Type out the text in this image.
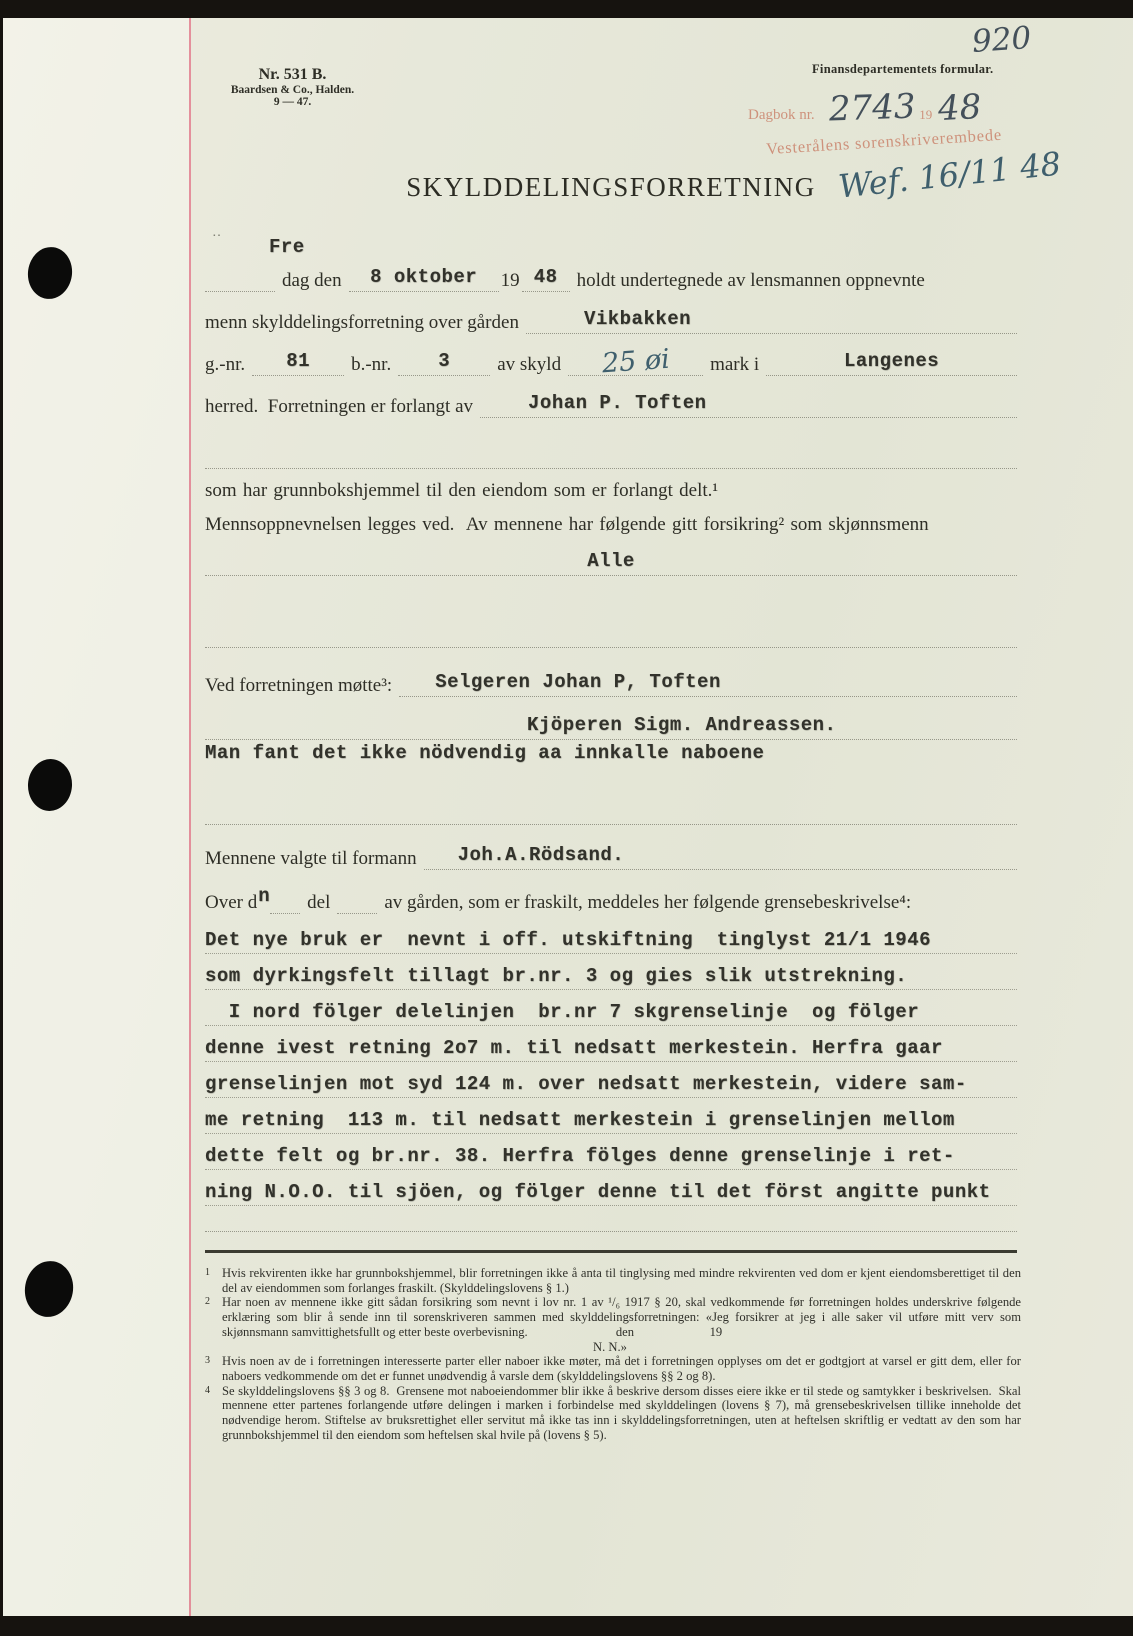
Nr. 531 B.
Baardsen & Co., Halden.
9 — 47.
Finansdepartementets formular.
920
Dagbok nr. 2743 19 48
Vesterålens sorenskriverembede
Wef. 16/11 48
SKYLDDELINGSFORRETNING
‥
Fre
dag den	8 oktober 19 48	holdt undertegnede av lensmannen oppnevnte
menn skylddelingsforretning over gården	Vikbakken
g.-nr.	81	b.-nr.	3	av skyld 25 øi	mark i	Langenes
herred.  Forretningen er forlangt av	Johan P. Toften
som har grunnbokshjemmel til den eiendom som er forlangt delt.¹
Mennsoppnevnelsen legges ved.  Av mennene har følgende gitt forsikring² som skjønnsmenn
Alle
Ved forretningen møtte³:	Selgeren Johan P, Toften
Kjöperen Sigm. Andreassen.
Man fant det ikke nödvendig aa innkalle naboene
Mennene valgte til formann	Joh.A.Rödsand.
Over d n	del	av gården, som er fraskilt, meddeles her følgende grensebeskrivelse⁴:
Det nye bruk er  nevnt i off. utskiftning  tinglyst 21/1 1946
som dyrkingsfelt tillagt br.nr. 3 og gies slik utstrekning.
I nord fölger delelinjen  br.nr 7 skgrenselinje  og fölger
denne ivest retning 2o7 m. til nedsatt merkestein. Herfra gaar
grenselinjen mot syd 124 m. over nedsatt merkestein, videre sam-
me retning  113 m. til nedsatt merkestein i grenselinjen mellom
dette felt og br.nr. 38. Herfra fölges denne grenselinje i ret-
ning N.O.O. til sjöen, og fölger denne til det först angitte punkt
1 Hvis rekvirenten ikke har grunnbokshjemmel, blir forretningen ikke å anta til tinglysing med mindre rekvirenten ved dom er kjent eiendomsberettiget til den del av eiendommen som forlanges fraskilt. (Skylddelingslovens § 1.)
2 Har noen av mennene ikke gitt sådan forsikring som nevnt i lov nr. 1 av ¹/₆ 1917 § 20, skal vedkommende før forretningen holdes underskrive følgende erklæring som blir å sende inn til sorenskriveren sammen med skylddelingsforretningen: «Jeg forsikrer at jeg i alle saker vil utføre mitt verv som skjønnsmann samvittighetsfullt og etter beste overbevisning.                            den                        19
N. N.»
3 Hvis noen av de i forretningen interesserte parter eller naboer ikke møter, må det i forretningen opplyses om det er godtgjort at varsel er gitt dem, eller for naboers vedkommende om det er funnet unødvendig å varsle dem (skylddelingslovens §§ 2 og 8).
4 Se skylddelingslovens §§ 3 og 8.  Grensene mot naboeiendommer blir ikke å beskrive dersom disses eiere ikke er til stede og samtykker i beskrivelsen.  Skal mennene etter partenes forlangende utføre delingen i marken i forbindelse med skylddelingen (lovens § 7), må grensebeskrivelsen tillike inneholde det nødvendige herom. Stiftelse av bruksrettighet eller servitut må ikke tas inn i skylddelingsforretningen, uten at heftelsen skriftlig er vedtatt av den som har grunnbokshjemmel til den eiendom som heftelsen skal hvile på (lovens § 5).
